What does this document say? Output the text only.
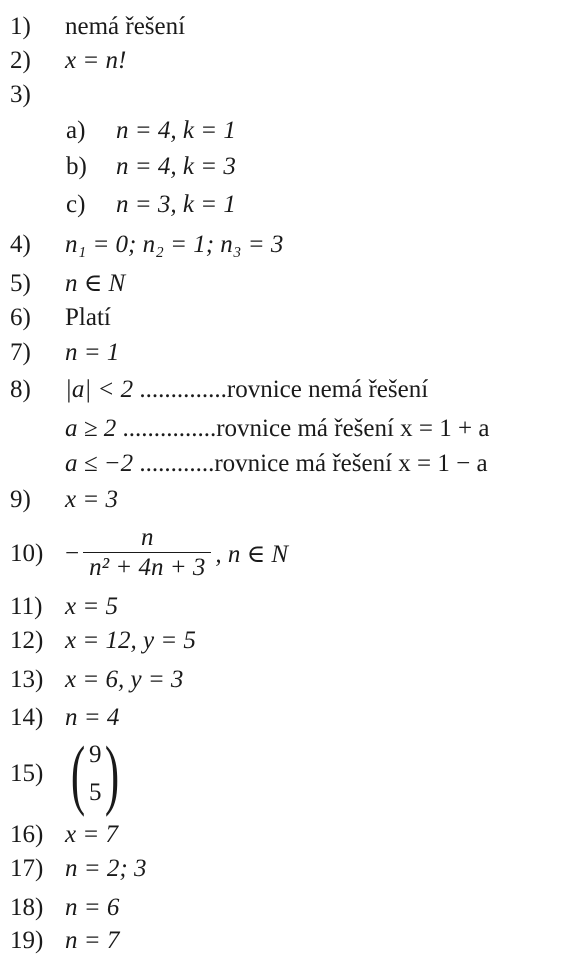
1) nemá řešení
2) x = n!
3)
a) n = 4, k = 1
b) n = 4, k = 3
c) n = 3, k = 1
4) n₁ = 0; n₂ = 1; n₃ = 3
5) n ∈ N
6) Platí
7) n = 1
8) |a| < 2 ..............rovnice nemá řešení
a ≥ 2 ...............rovnice má řešení x = 1 + a
a ≤ −2 ............rovnice má řešení x = 1 − a
9) x = 3
$10) - \frac{n}{\text{n² + 4n + 3}}$ , n ∈ N
11) x = 5
12) x = 12, y = 5
13) x = 6, y = 3
14) n = 4
15) ( 9
5 )
16) x = 7
17) n = 2; 3
18) n = 6
19) n = 7
